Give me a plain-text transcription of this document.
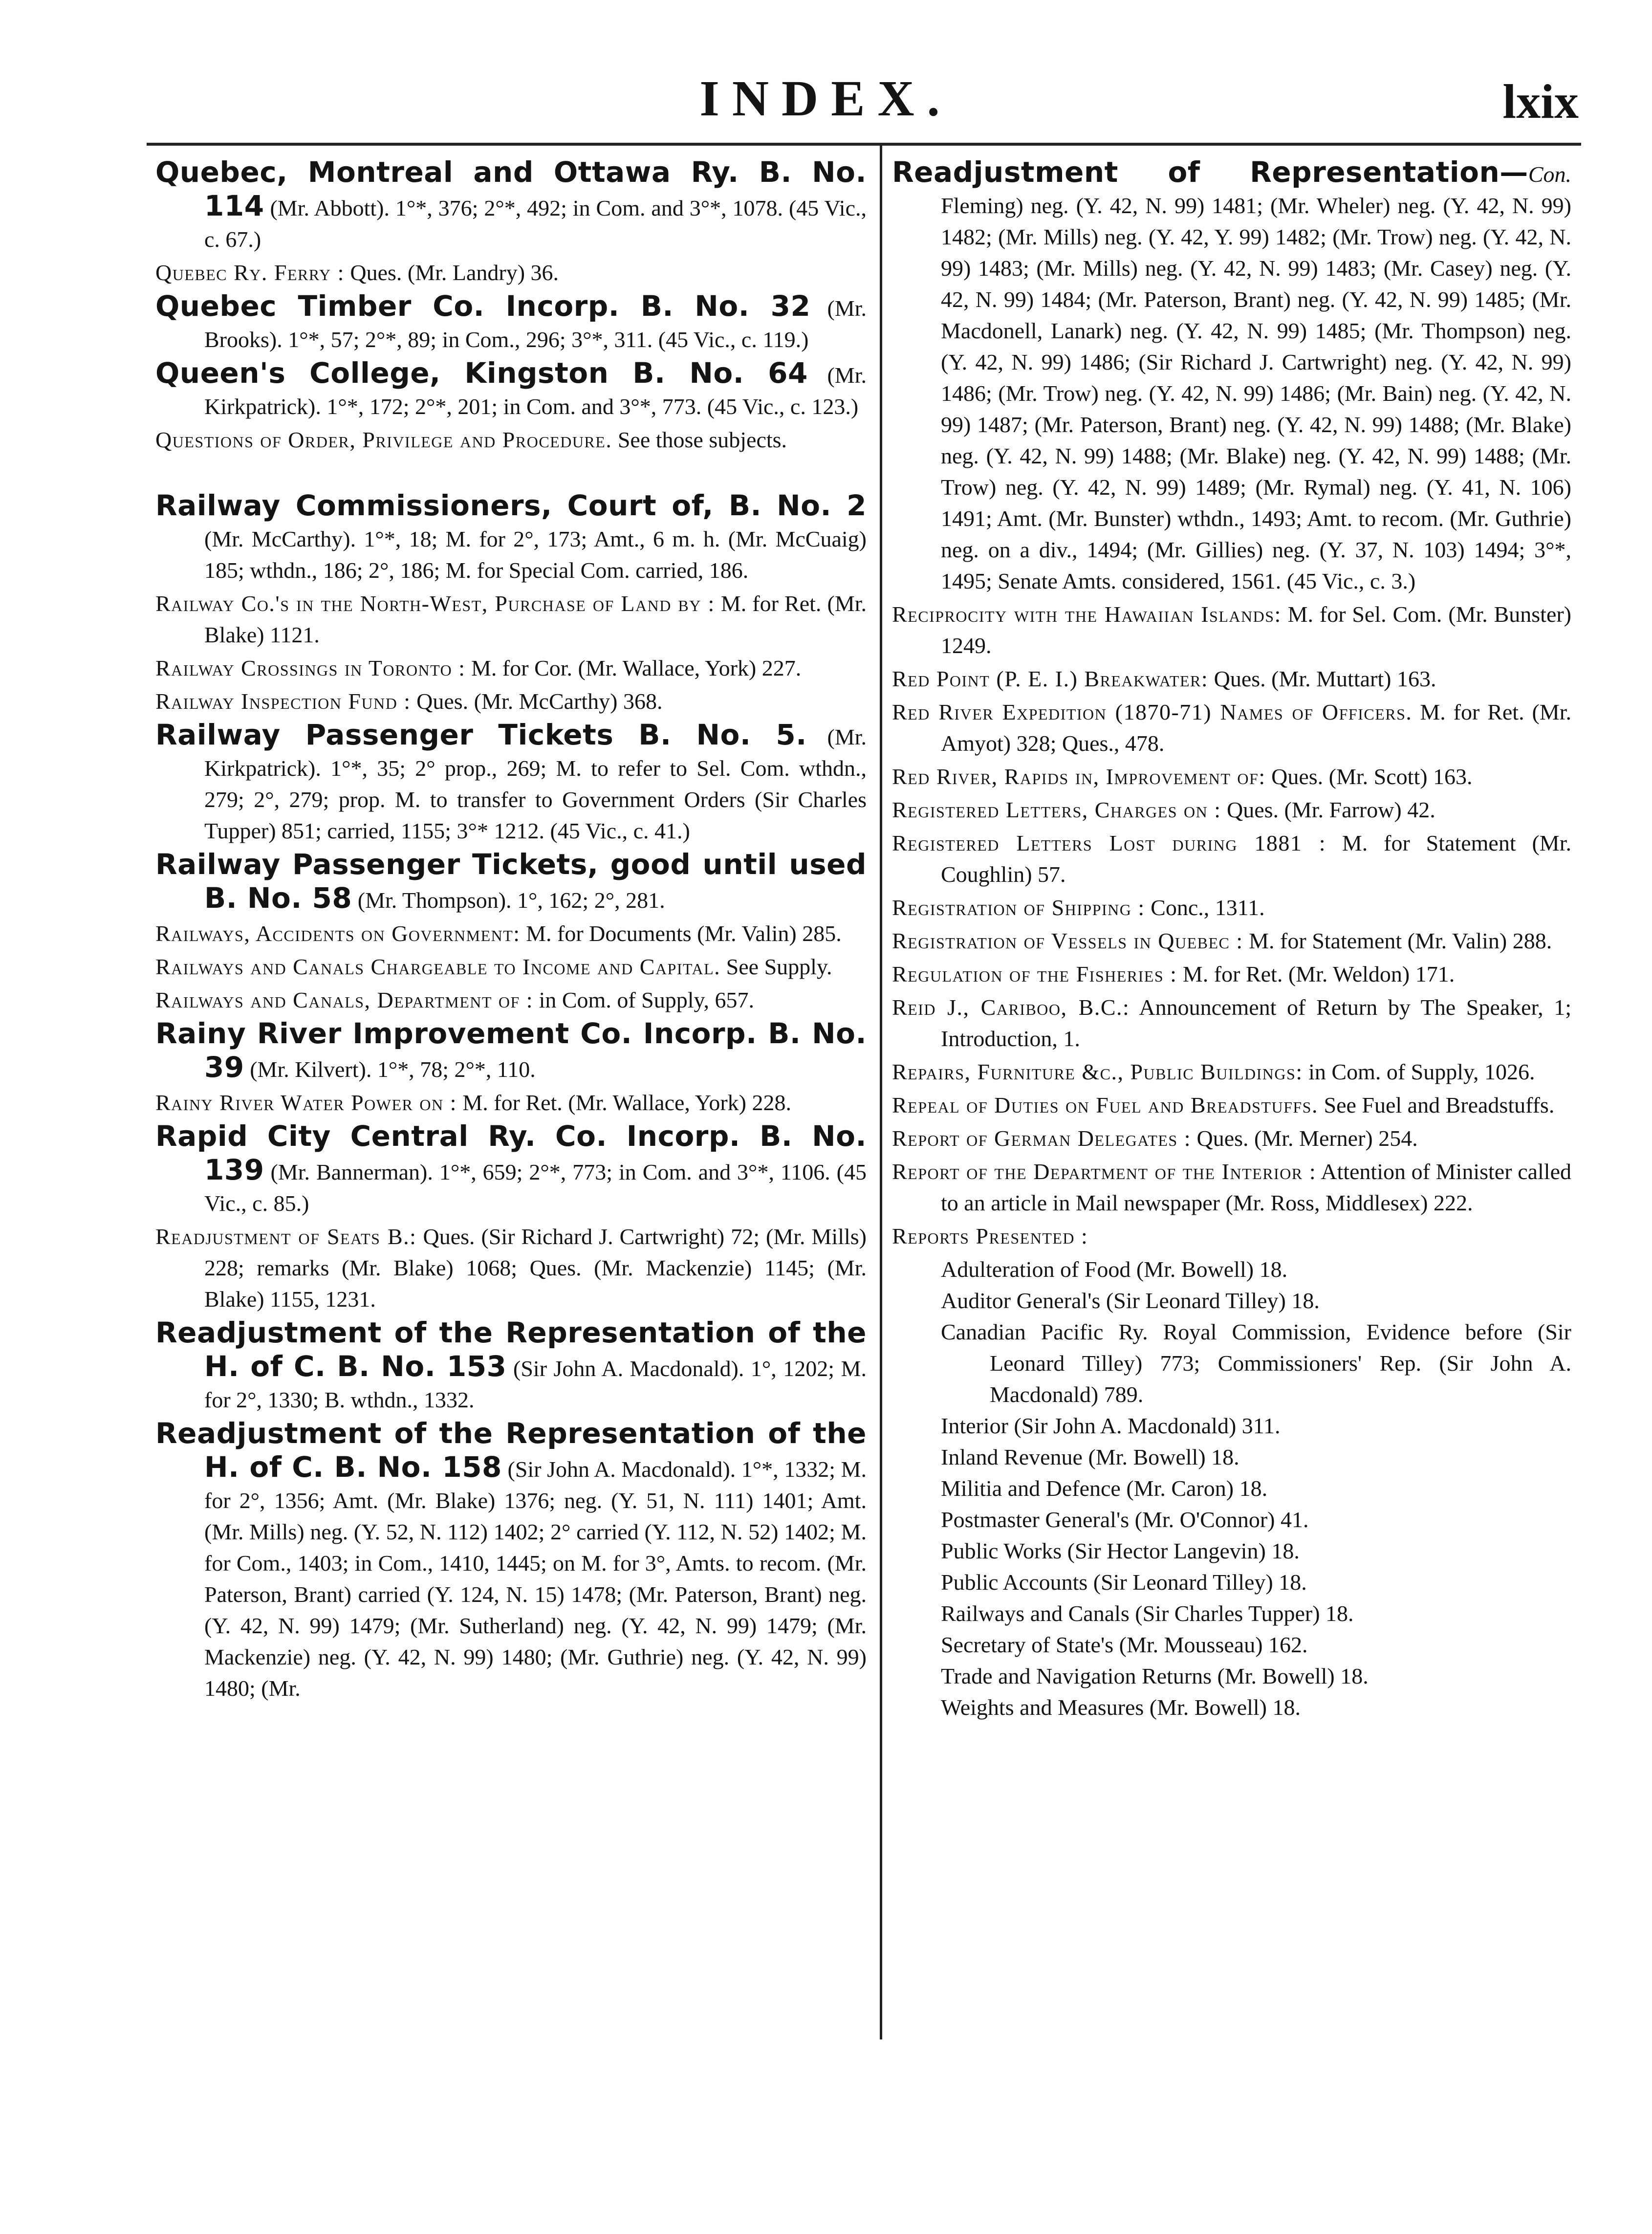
INDEX.	lxix

Quebec, Montreal and Ottawa Ry. B. No. 114 (Mr. Abbott). 1°*, 376; 2°*, 492; in Com. and 3°*, 1078. (45 Vic., c. 67.)

Quebec Ry. Ferry : Ques. (Mr. Landry) 36.

Quebec Timber Co. Incorp. B. No. 32 (Mr. Brooks). 1°*, 57; 2°*, 89; in Com., 296; 3°*, 311. (45 Vic., c. 119.)

Queen's College, Kingston B. No. 64 (Mr. Kirkpatrick). 1°*, 172; 2°*, 201; in Com. and 3°*, 773. (45 Vic., c. 123.)

Questions of Order, Privilege and Procedure. See those subjects.

Railway Commissioners, Court of, B. No. 2 (Mr. McCarthy). 1°*, 18; M. for 2°, 173; Amt., 6 m. h. (Mr. McCuaig) 185; wthdn., 186; 2°, 186; M. for Special Com. carried, 186.

Railway Co.'s in the North-West, Purchase of Land by : M. for Ret. (Mr. Blake) 1121.

Railway Crossings in Toronto : M. for Cor. (Mr. Wallace, York) 227.

Railway Inspection Fund : Ques. (Mr. McCarthy) 368.

Railway Passenger Tickets B. No. 5. (Mr. Kirkpatrick). 1°*, 35; 2° prop., 269; M. to refer to Sel. Com. wthdn., 279; 2°, 279; prop. M. to transfer to Government Orders (Sir Charles Tupper) 851; carried, 1155; 3°* 1212. (45 Vic., c. 41.)

Railway Passenger Tickets, good until used B. No. 58 (Mr. Thompson). 1°, 162; 2°, 281.

Railways, Accidents on Government: M. for Documents (Mr. Valin) 285.

Railways and Canals Chargeable to Income and Capital. See Supply.

Railways and Canals, Department of : in Com. of Supply, 657.

Rainy River Improvement Co. Incorp. B. No. 39 (Mr. Kilvert). 1°*, 78; 2°*, 110.

Rainy River Water Power on : M. for Ret. (Mr. Wallace, York) 228.

Rapid City Central Ry. Co. Incorp. B. No. 139 (Mr. Bannerman). 1°*, 659; 2°*, 773; in Com. and 3°*, 1106. (45 Vic., c. 85.)

Readjustment of Seats B.: Ques. (Sir Richard J. Cartwright) 72; (Mr. Mills) 228; remarks (Mr. Blake) 1068; Ques. (Mr. Mackenzie) 1145; (Mr. Blake) 1155, 1231.

Readjustment of the Representation of the H. of C. B. No. 153 (Sir John A. Macdonald). 1°, 1202; M. for 2°, 1330; B. wthdn., 1332.

Readjustment of the Representation of the H. of C. B. No. 158 (Sir John A. Macdonald). 1°*, 1332; M. for 2°, 1356; Amt. (Mr. Blake) 1376; neg. (Y. 51, N. 111) 1401; Amt. (Mr. Mills) neg. (Y. 52, N. 112) 1402; 2° carried (Y. 112, N. 52) 1402; M. for Com., 1403; in Com., 1410, 1445; on M. for 3°, Amts. to recom. (Mr. Paterson, Brant) carried (Y. 124, N. 15) 1478; (Mr. Paterson, Brant) neg. (Y. 42, N. 99) 1479; (Mr. Sutherland) neg. (Y. 42, N. 99) 1479; (Mr. Mackenzie) neg. (Y. 42, N. 99) 1480; (Mr. Guthrie) neg. (Y. 42, N. 99) 1480; (Mr.

Readjustment of Representation—Con. Fleming) neg. (Y. 42, N. 99) 1481; (Mr. Wheler) neg. (Y. 42, N. 99) 1482; (Mr. Mills) neg. (Y. 42, Y. 99) 1482; (Mr. Trow) neg. (Y. 42, N. 99) 1483; (Mr. Mills) neg. (Y. 42, N. 99) 1483; (Mr. Casey) neg. (Y. 42, N. 99) 1484; (Mr. Paterson, Brant) neg. (Y. 42, N. 99) 1485; (Mr. Macdonell, Lanark) neg. (Y. 42, N. 99) 1485; (Mr. Thompson) neg. (Y. 42, N. 99) 1486; (Sir Richard J. Cartwright) neg. (Y. 42, N. 99) 1486; (Mr. Trow) neg. (Y. 42, N. 99) 1486; (Mr. Bain) neg. (Y. 42, N. 99) 1487; (Mr. Paterson, Brant) neg. (Y. 42, N. 99) 1488; (Mr. Blake) neg. (Y. 42, N. 99) 1488; (Mr. Blake) neg. (Y. 42, N. 99) 1488; (Mr. Trow) neg. (Y. 42, N. 99) 1489; (Mr. Rymal) neg. (Y. 41, N. 106) 1491; Amt. (Mr. Bunster) wthdn., 1493; Amt. to recom. (Mr. Guthrie) neg. on a div., 1494; (Mr. Gillies) neg. (Y. 37, N. 103) 1494; 3°*, 1495; Senate Amts. considered, 1561. (45 Vic., c. 3.)

Reciprocity with the Hawaiian Islands: M. for Sel. Com. (Mr. Bunster) 1249.

Red Point (P. E. I.) Breakwater: Ques. (Mr. Muttart) 163.

Red River Expedition (1870-71) Names of Officers. M. for Ret. (Mr. Amyot) 328; Ques., 478.

Red River, Rapids in, Improvement of: Ques. (Mr. Scott) 163.

Registered Letters, Charges on : Ques. (Mr. Farrow) 42.

Registered Letters Lost during 1881 : M. for Statement (Mr. Coughlin) 57.

Registration of Shipping : Conc., 1311.

Registration of Vessels in Quebec : M. for Statement (Mr. Valin) 288.

Regulation of the Fisheries : M. for Ret. (Mr. Weldon) 171.

Reid J., Cariboo, B.C.: Announcement of Return by The Speaker, 1; Introduction, 1.

Repairs, Furniture &c., Public Buildings: in Com. of Supply, 1026.

Repeal of Duties on Fuel and Breadstuffs. See Fuel and Breadstuffs.

Report of German Delegates : Ques. (Mr. Merner) 254.

Report of the Department of the Interior : Attention of Minister called to an article in Mail newspaper (Mr. Ross, Middlesex) 222.

Reports Presented :

Adulteration of Food (Mr. Bowell) 18.

Auditor General's (Sir Leonard Tilley) 18.

Canadian Pacific Ry. Royal Commission, Evidence before (Sir Leonard Tilley) 773; Commissioners' Rep. (Sir John A. Macdonald) 789.

Interior (Sir John A. Macdonald) 311.

Inland Revenue (Mr. Bowell) 18.

Militia and Defence (Mr. Caron) 18.

Postmaster General's (Mr. O'Connor) 41.

Public Works (Sir Hector Langevin) 18.

Public Accounts (Sir Leonard Tilley) 18.

Railways and Canals (Sir Charles Tupper) 18.

Secretary of State's (Mr. Mousseau) 162.

Trade and Navigation Returns (Mr. Bowell) 18.

Weights and Measures (Mr. Bowell) 18.
